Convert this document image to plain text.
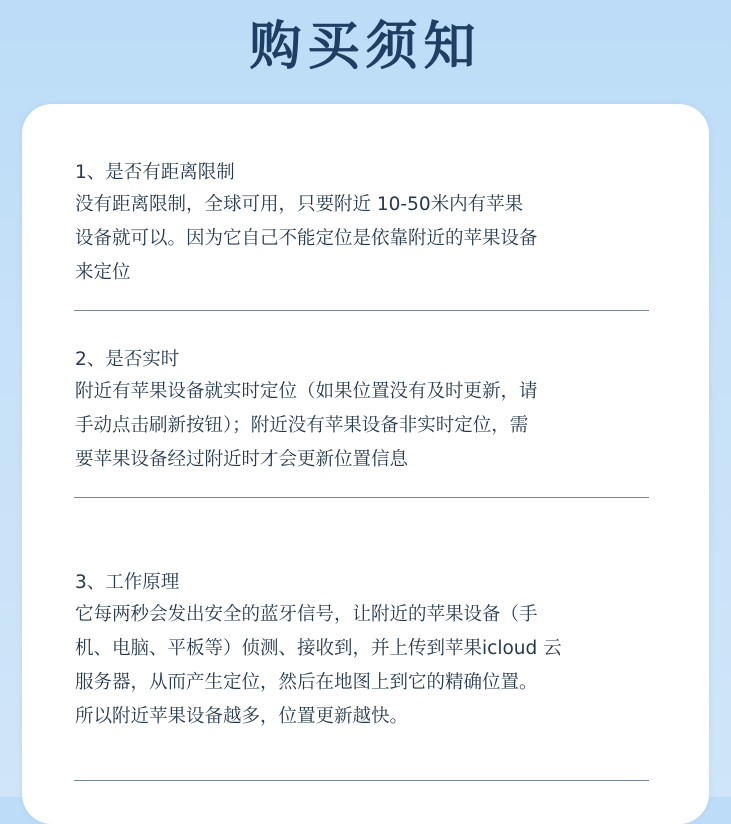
购买须知
1、是否有距离限制
没有距离限制，全球可用，只要附近 10-50米内有苹果
设备就可以。因为它自己不能定位是依靠附近的苹果设备
来定位
2、是否实时
附近有苹果设备就实时定位（如果位置没有及时更新，请
手动点击刷新按钮）；附近没有苹果设备非实时定位，需
要苹果设备经过附近时才会更新位置信息
3、工作原理
它每两秒会发出安全的蓝牙信号，让附近的苹果设备（手
机、电脑、平板等）侦测、接收到，并上传到苹果icloud 云
服务器，从而产生定位，然后在地图上到它的精确位置。
所以附近苹果设备越多，位置更新越快。
